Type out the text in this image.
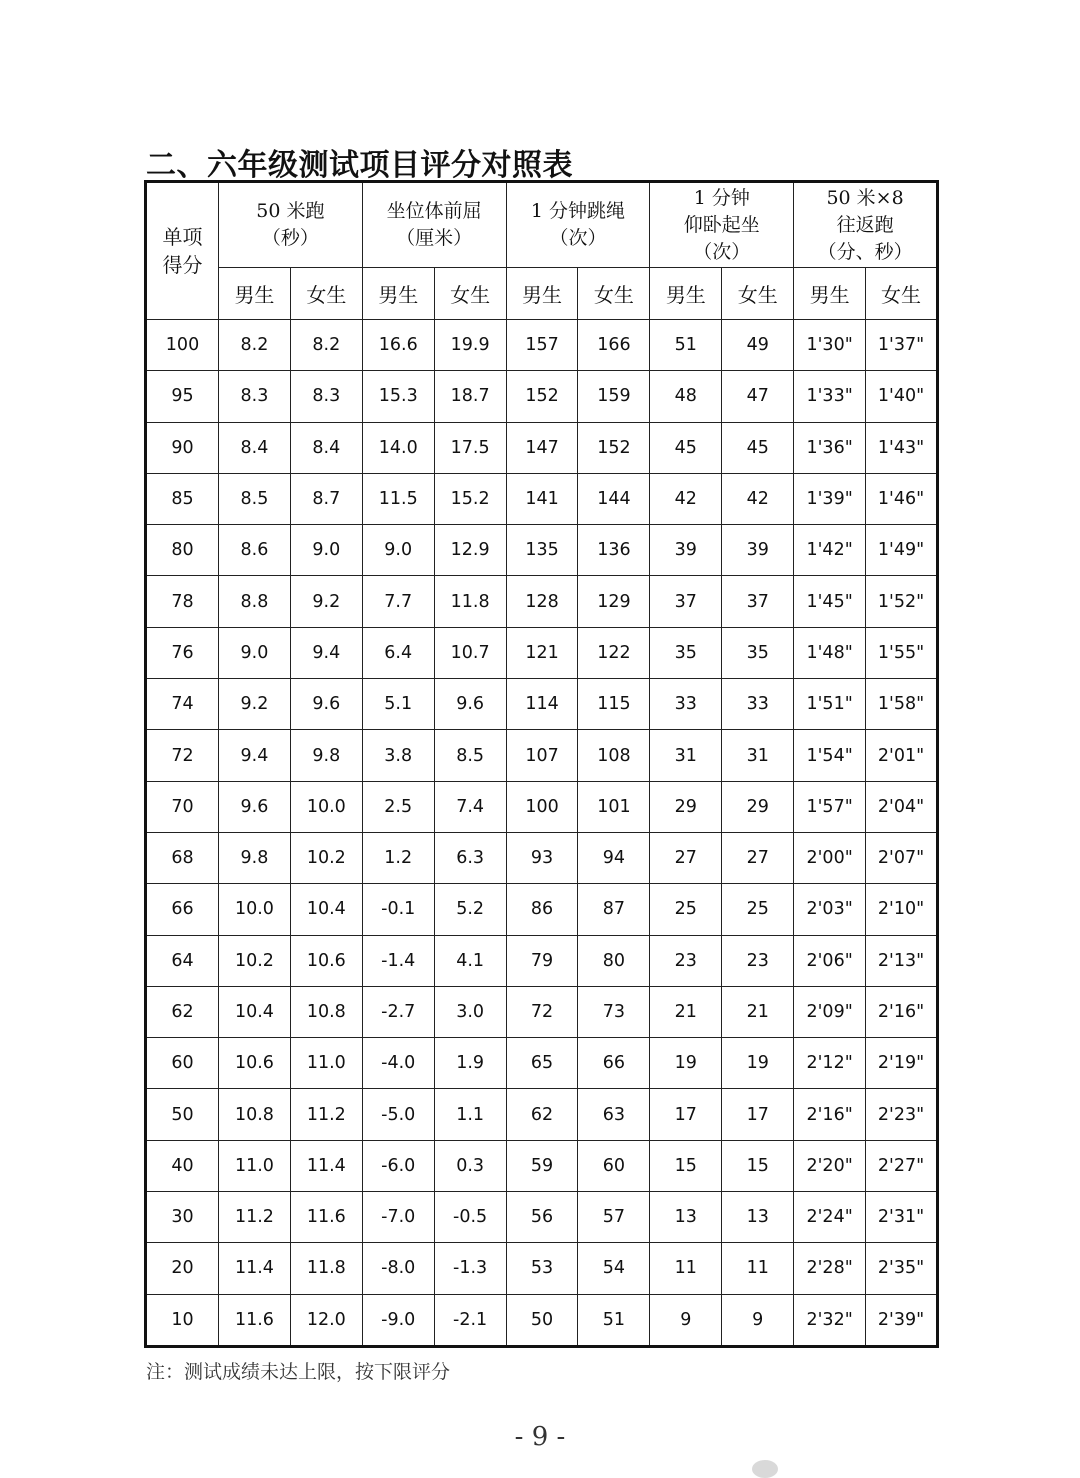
二、六年级测试项目评分对照表
单项
得分	50 米跑
（秒）		坐位体前屈
（厘米）		1 分钟跳绳
（次）		1 分钟
仰卧起坐
（次）		50 米×8
往返跑
（分、秒）	
	男生	女生	男生	女生	男生	女生	男生	女生	男生	女生
100	8.2	8.2	16.6	19.9	157	166	51	49	1'30"	1'37"
95	8.3	8.3	15.3	18.7	152	159	48	47	1'33"	1'40"
90	8.4	8.4	14.0	17.5	147	152	45	45	1'36"	1'43"
85	8.5	8.7	11.5	15.2	141	144	42	42	1'39"	1'46"
80	8.6	9.0	9.0	12.9	135	136	39	39	1'42"	1'49"
78	8.8	9.2	7.7	11.8	128	129	37	37	1'45"	1'52"
76	9.0	9.4	6.4	10.7	121	122	35	35	1'48"	1'55"
74	9.2	9.6	5.1	9.6	114	115	33	33	1'51"	1'58"
72	9.4	9.8	3.8	8.5	107	108	31	31	1'54"	2'01"
70	9.6	10.0	2.5	7.4	100	101	29	29	1'57"	2'04"
68	9.8	10.2	1.2	6.3	93	94	27	27	2'00"	2'07"
66	10.0	10.4	-0.1	5.2	86	87	25	25	2'03"	2'10"
64	10.2	10.6	-1.4	4.1	79	80	23	23	2'06"	2'13"
62	10.4	10.8	-2.7	3.0	72	73	21	21	2'09"	2'16"
60	10.6	11.0	-4.0	1.9	65	66	19	19	2'12"	2'19"
50	10.8	11.2	-5.0	1.1	62	63	17	17	2'16"	2'23"
40	11.0	11.4	-6.0	0.3	59	60	15	15	2'20"	2'27"
30	11.2	11.6	-7.0	-0.5	56	57	13	13	2'24"	2'31"
20	11.4	11.8	-8.0	-1.3	53	54	11	11	2'28"	2'35"
10	11.6	12.0	-9.0	-2.1	50	51	9	9	2'32"	2'39"
注：测试成绩未达上限，按下限评分
- 9 -
